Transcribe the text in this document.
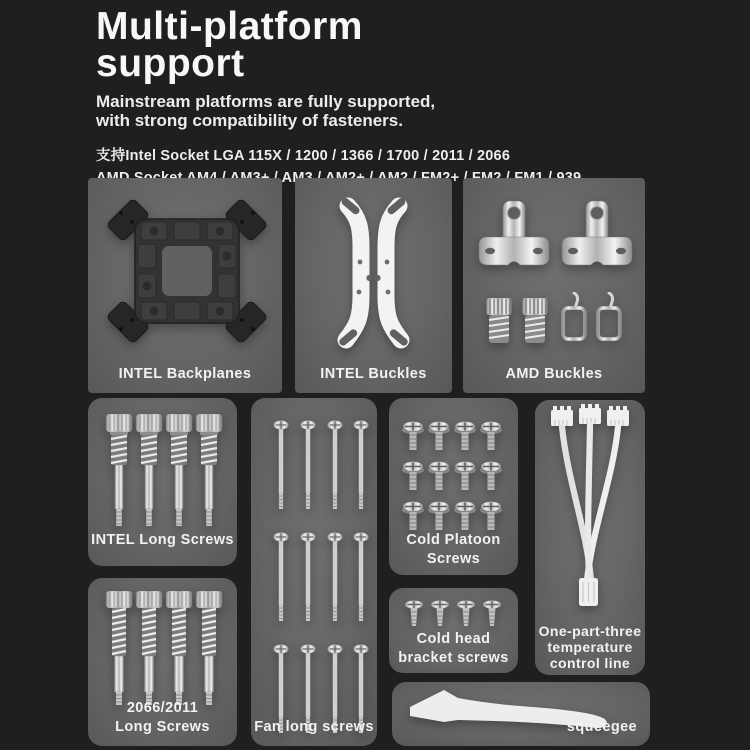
Multi-platform
support
Mainstream platforms are fully supported,
with strong compatibility of fasteners.
支持Intel Socket LGA 115X / 1200 / 1366 / 1700 / 2011 / 2066
INTEL Backplanes	INTEL Buckles	AMD Buckles
INTEL Long Screws
2066/2011
Long Screws	Fan long screws
Cold Platoon
Screws
Cold head
bracket screws
One-part-three
temperature
control line
squeegee
